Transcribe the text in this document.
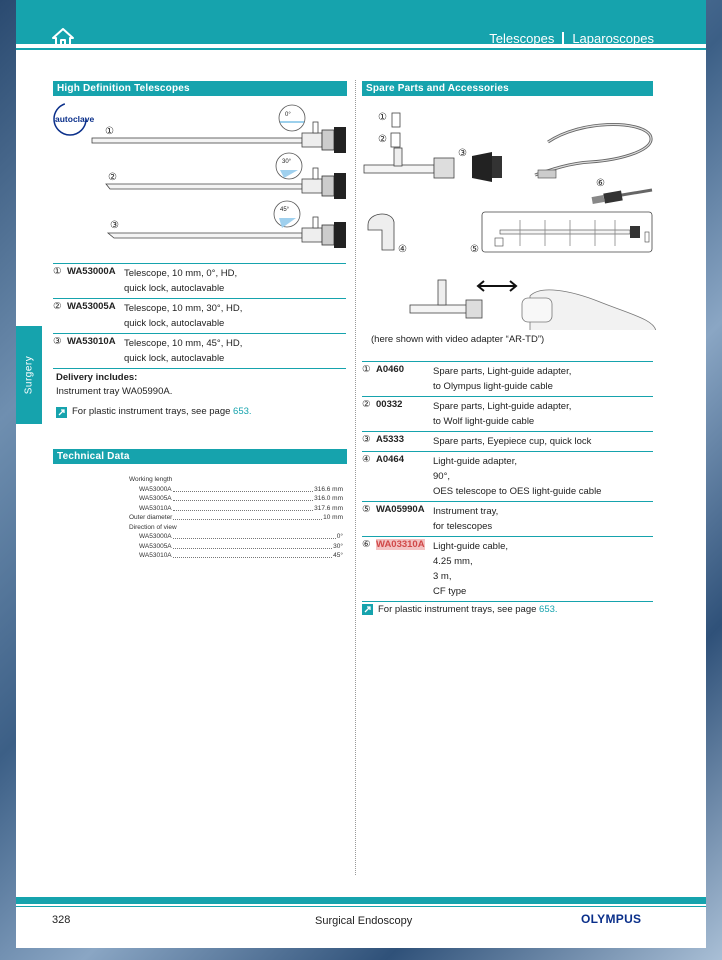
Telescopes Laparoscopes
Surgery
High Definition Telescopes
autoclave
①
0°
②
30°
③
45°
① WA53000A Telescope, 10 mm, 0°, HD,
quick lock, autoclavable
② WA53005A Telescope, 10 mm, 30°, HD,
quick lock, autoclavable
③ WA53010A Telescope, 10 mm, 45°, HD,
quick lock, autoclavable
Delivery includes:
Instrument tray WA05990A.
For plastic instrument trays, see page 653.
Technical Data
Working length
WA53000A	316.6 mm
WA53005A	316.0 mm
WA53010A	317.6 mm
Outer diameter	10 mm
Direction of view
WA53000A	0°
WA53005A	30°
WA53010A	45°
Spare Parts and Accessories
①
②
③
⑥
④	⑤
(here shown with video adapter “AR-TD”)
① A0460	Spare parts, Light-guide adapter,
to Olympus light-guide cable
② 00332	Spare parts, Light-guide adapter,
to Wolf light-guide cable
③ A5333	Spare parts, Eyepiece cup, quick lock
④ A0464	Light-guide adapter,
90°,
OES telescope to OES light-guide cable
⑤ WA05990A Instrument tray,
for telescopes
⑥ WA03310A Light-guide cable,
4.25 mm,
3 m,
CF type
For plastic instrument trays, see page 653.
328	Surgical Endoscopy	OLYMPUS
